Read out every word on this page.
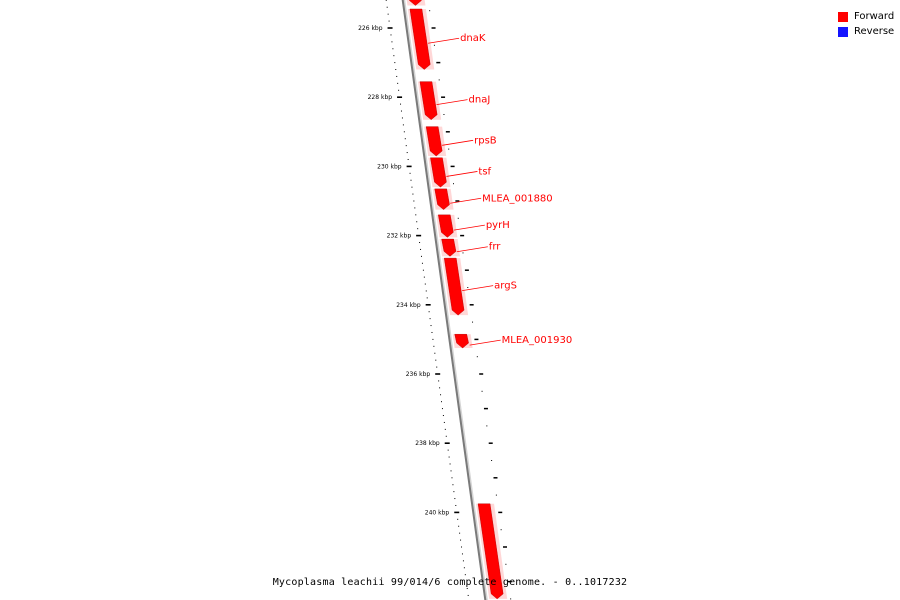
226 kbp
228 kbp
230 kbp
232 kbp
234 kbp
236 kbp
238 kbp
240 kbp
dnaK
dnaJ
rpsB
tsf
MLEA_001880
pyrH
frr
argS
MLEA_001930
Forward
Reverse
Mycoplasma leachii 99/014/6 complete genome. - 0..1017232
